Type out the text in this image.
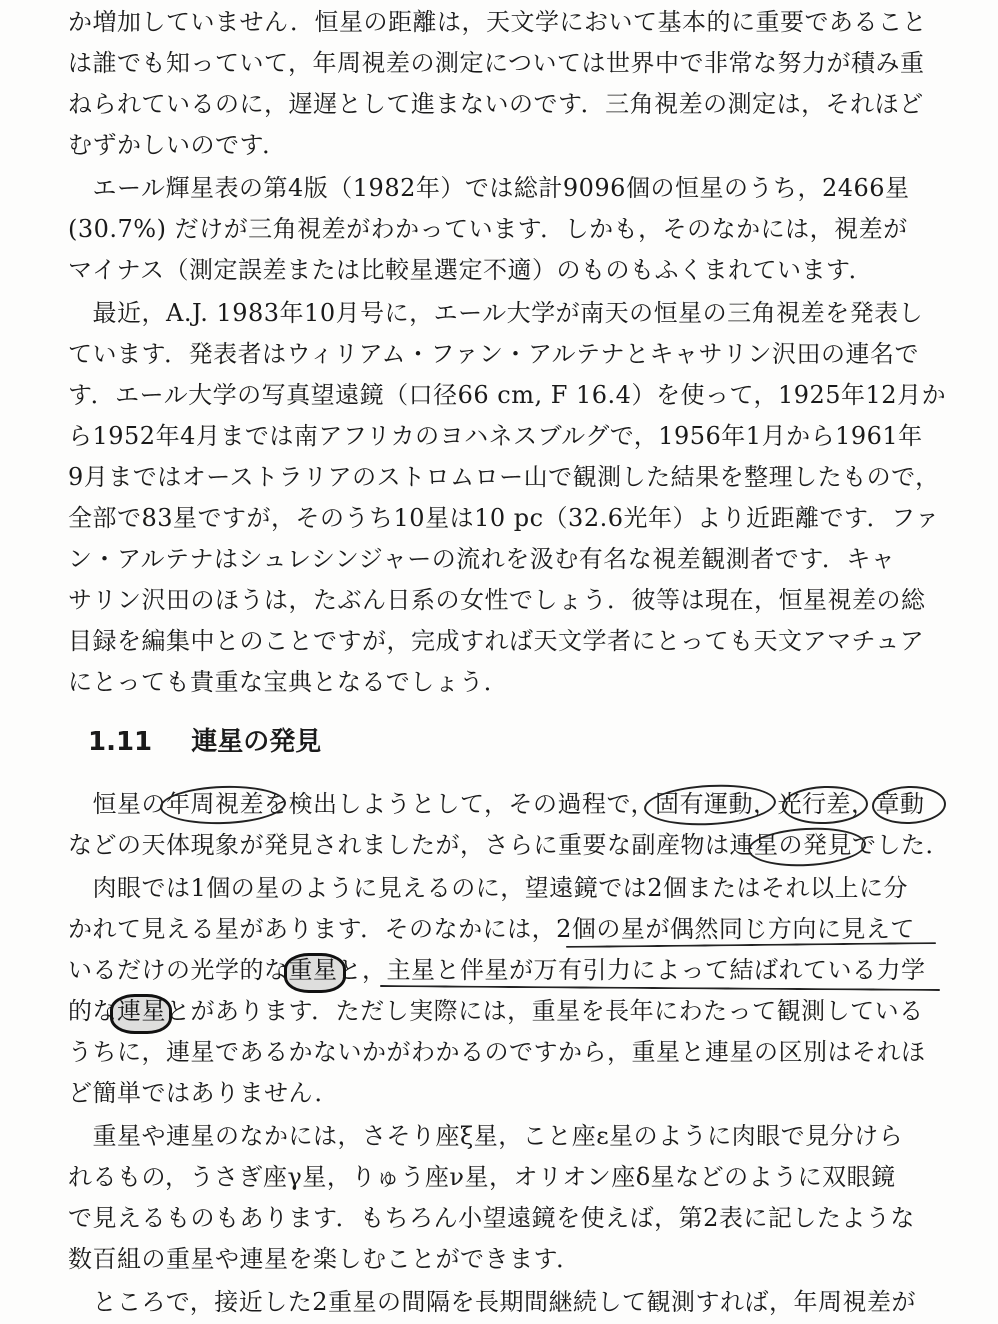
か増加していません．恒星の距離は，天文学において基本的に重要であること
は誰でも知っていて，年周視差の測定については世界中で非常な努力が積み重
ねられているのに，遅遅として進まないのです．三角視差の測定は，それほど
むずかしいのです．
　エール輝星表の第4版（1982年）では総計9096個の恒星のうち，2466星
(30.7%) だけが三角視差がわかっています．しかも，そのなかには，視差が
マイナス（測定誤差または比較星選定不適）のものもふくまれています．
　最近，A.J. 1983年10月号に，エール大学が南天の恒星の三角視差を発表し
ています．発表者はウィリアム・ファン・アルテナとキャサリン沢田の連名で
す．エール大学の写真望遠鏡（口径66 cm, F 16.4）を使って，1925年12月か
ら1952年4月までは南アフリカのヨハネスブルグで，1956年1月から1961年
9月まではオーストラリアのストロムロー山で観測した結果を整理したもので，
全部で83星ですが，そのうち10星は10 pc（32.6光年）より近距離です．ファ
ン・アルテナはシュレシンジャーの流れを汲む有名な視差観測者です．キャ
サリン沢田のほうは，たぶん日系の女性でしょう．彼等は現在，恒星視差の総
目録を編集中とのことですが，完成すれば天文学者にとっても天文アマチュア
にとっても貴重な宝典となるでしょう．
1.11 連星の発見
　恒星の年周視差を検出しようとして，その過程で，固有運動，光行差，章動
などの天体現象が発見されましたが，さらに重要な副産物は連星の発見でした．
　肉眼では1個の星のように見えるのに，望遠鏡では2個またはそれ以上に分
かれて見える星があります．そのなかには，2個の星が偶然同じ方向に見えて
いるだけの光学的な重星と，主星と伴星が万有引力によって結ばれている力学
的な連星とがあります．ただし実際には，重星を長年にわたって観測している
うちに，連星であるかないかがわかるのですから，重星と連星の区別はそれほ
ど簡単ではありません．
　重星や連星のなかには，さそり座ξ星，こと座ε星のように肉眼で見分けら
れるもの，うさぎ座γ星，りゅう座ν星，オリオン座δ星などのように双眼鏡
で見えるものもあります．もちろん小望遠鏡を使えば，第2表に記したような
数百組の重星や連星を楽しむことができます．
　ところで，接近した2重星の間隔を長期間継続して観測すれば，年周視差が
